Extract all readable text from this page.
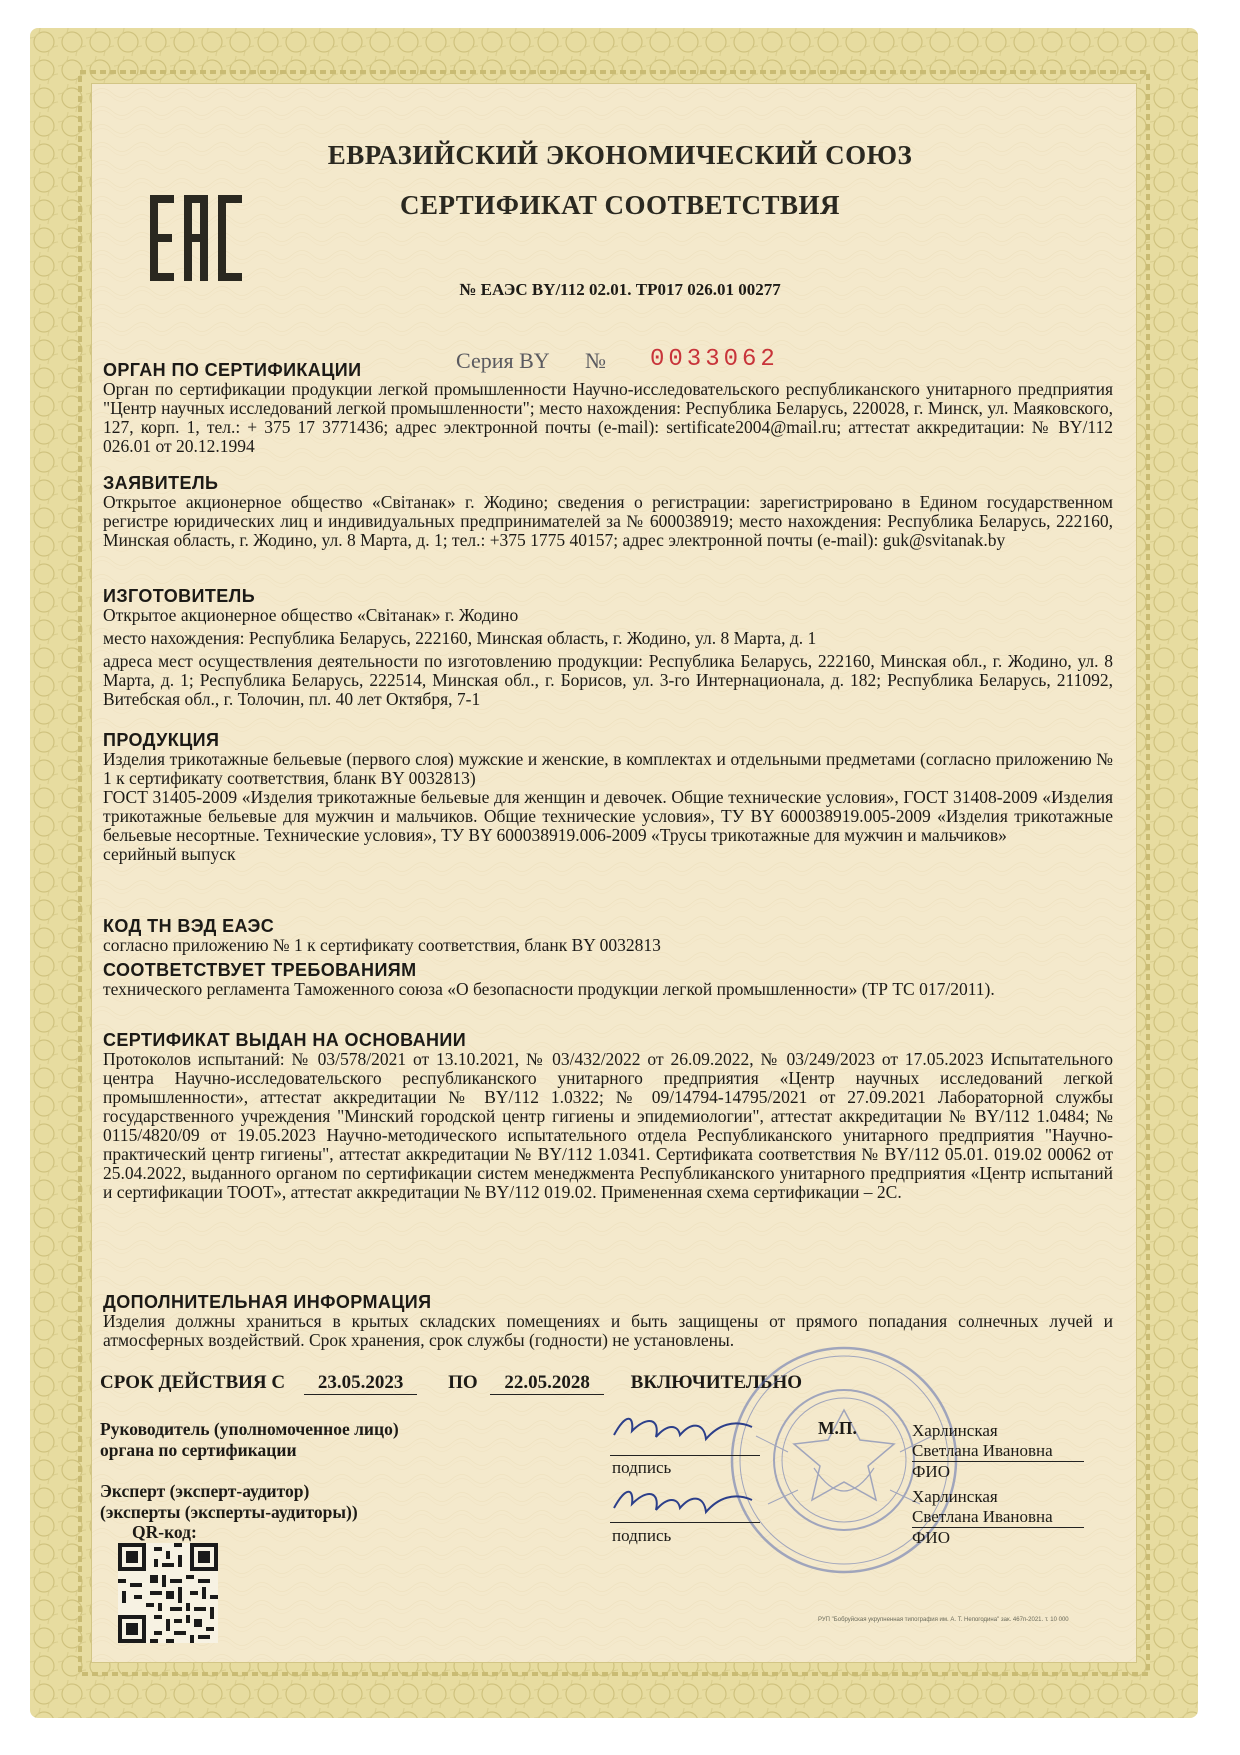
ЕВРАЗИЙСКИЙ ЭКОНОМИЧЕСКИЙ СОЮЗ
СЕРТИФИКАТ СООТВЕТСТВИЯ
№ ЕАЭС BY/112 02.01. ТР017 026.01 00277
Серия BY № 0033062
ОРГАН ПО СЕРТИФИКАЦИИ

Орган по сертификации продукции легкой промышленности Научно-исследовательского республиканского унитарного предприятия "Центр научных исследований легкой промышленности"; место нахождения: Республика Беларусь, 220028, г. Минск, ул. Маяковского, 127, корп. 1, тел.: + 375 17 3771436; адрес электронной почты (e-mail): sertificate2004@mail.ru; аттестат аккредитации: № BY/112 026.01 от 20.12.1994

ЗАЯВИТЕЛЬ

Открытое акционерное общество «Світанак» г. Жодино; сведения о регистрации: зарегистрировано в Едином государственном регистре юридических лиц и индивидуальных предпринимателей за № 600038919; место нахождения: Республика Беларусь, 222160, Минская область, г. Жодино, ул. 8 Марта, д. 1; тел.: +375 1775 40157; адрес электронной почты (e-mail): guk@svitanak.by

ИЗГОТОВИТЕЛЬ

Открытое акционерное общество «Світанак» г. Жодино

место нахождения: Республика Беларусь, 222160, Минская область, г. Жодино, ул. 8 Марта, д. 1

адреса мест осуществления деятельности по изготовлению продукции: Республика Беларусь, 222160, Минская обл., г. Жодино, ул. 8 Марта, д. 1; Республика Беларусь, 222514, Минская обл., г. Борисов, ул. 3-го Интернационала, д. 182; Республика Беларусь, 211092, Витебская обл., г. Толочин, пл. 40 лет Октября, 7-1

ПРОДУКЦИЯ

Изделия трикотажные бельевые (первого слоя) мужские и женские, в комплектах и отдельными предметами (согласно приложению № 1 к сертификату соответствия, бланк BY 0032813)

ГОСТ 31405-2009 «Изделия трикотажные бельевые для женщин и девочек. Общие технические условия», ГОСТ 31408-2009 «Изделия трикотажные бельевые для мужчин и мальчиков. Общие технические условия», ТУ BY 600038919.005-2009 «Изделия трикотажные бельевые несортные. Технические условия», ТУ BY 600038919.006-2009 «Трусы трикотажные для мужчин и мальчиков»

серийный выпуск

КОД ТН ВЭД ЕАЭС

согласно приложению № 1 к сертификату соответствия, бланк BY 0032813

СООТВЕТСТВУЕТ ТРЕБОВАНИЯМ

технического регламента Таможенного союза «О безопасности продукции легкой промышленности» (ТР ТС 017/2011).

СЕРТИФИКАТ ВЫДАН НА ОСНОВАНИИ

Протоколов испытаний: № 03/578/2021 от 13.10.2021, № 03/432/2022 от 26.09.2022, № 03/249/2023 от 17.05.2023 Испытательного центра Научно-исследовательского республиканского унитарного предприятия «Центр научных исследований легкой промышленности», аттестат аккредитации № BY/112 1.0322; № 09/14794-14795/2021 от 27.09.2021 Лабораторной службы государственного учреждения "Минский городской центр гигиены и эпидемиологии", аттестат аккредитации № BY/112 1.0484; № 0115/4820/09 от 19.05.2023 Научно-методического испытательного отдела Республиканского унитарного предприятия "Научно-практический центр гигиены", аттестат аккредитации № BY/112 1.0341. Сертификата соответствия № BY/112 05.01. 019.02 00062 от 25.04.2022, выданного органом по сертификации систем менеджмента Республиканского унитарного предприятия «Центр испытаний и сертификации ТООТ», аттестат аккредитации № BY/112 019.02. Примененная схема сертификации – 2С.

ДОПОЛНИТЕЛЬНАЯ ИНФОРМАЦИЯ

Изделия должны храниться в крытых складских помещениях и быть защищены от прямого попадания солнечных лучей и атмосферных воздействий. Срок хранения, срок службы (годности) не установлены.

СРОК ДЕЙСТВИЯ С 23.05.2023 ПО 22.05.2028 ВКЛЮЧИТЕЛЬНО
Руководитель (уполномоченное лицо)
органа по сертификации
Эксперт (эксперт-аудитор)
(эксперты (эксперты-аудиторы))
QR-код:
подпись
подпись
М.П.	Харлинская
Светлана Ивановна
ФИО
Харлинская
Светлана Ивановна
ФИО
РУП "Бобруйская укрупненная типография им. А. Т. Непогодина" зак. 467п-2021. т. 10 000
